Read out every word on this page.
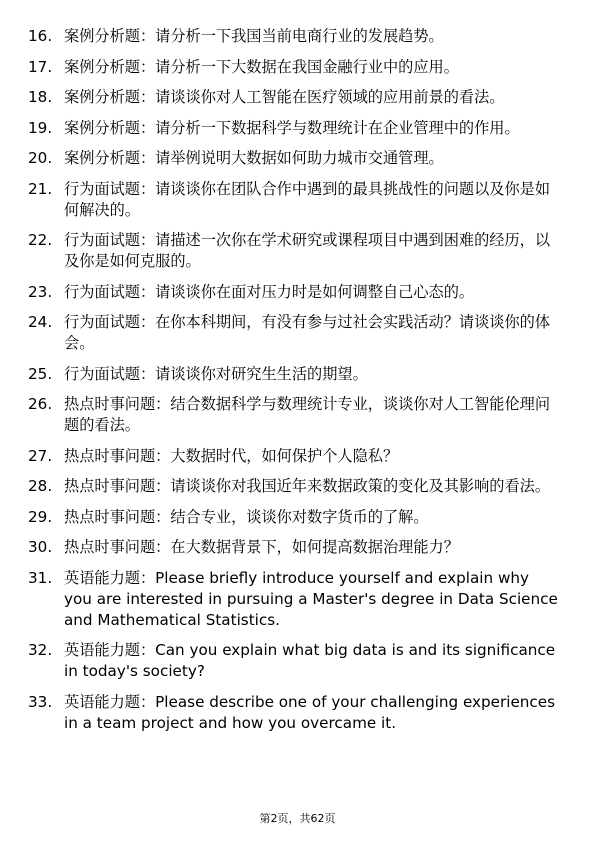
16. 案例分析题：请分析一下我国当前电商行业的发展趋势。
17. 案例分析题：请分析一下大数据在我国金融行业中的应用。
18. 案例分析题：请谈谈你对人工智能在医疗领域的应用前景的看法。
19. 案例分析题：请分析一下数据科学与数理统计在企业管理中的作用。
20. 案例分析题：请举例说明大数据如何助力城市交通管理。
21. 行为面试题：请谈谈你在团队合作中遇到的最具挑战性的问题以及你是如何解决的。
22. 行为面试题：请描述一次你在学术研究或课程项目中遇到困难的经历，以及你是如何克服的。
23. 行为面试题：请谈谈你在面对压力时是如何调整自己心态的。
24. 行为面试题：在你本科期间，有没有参与过社会实践活动？请谈谈你的体会。
25. 行为面试题：请谈谈你对研究生生活的期望。
26. 热点时事问题：结合数据科学与数理统计专业，谈谈你对人工智能伦理问题的看法。
27. 热点时事问题：大数据时代，如何保护个人隐私？
28. 热点时事问题：请谈谈你对我国近年来数据政策的变化及其影响的看法。
29. 热点时事问题：结合专业，谈谈你对数字货币的了解。
30. 热点时事问题：在大数据背景下，如何提高数据治理能力？
31. 英语能力题：Please briefly introduce yourself and explain why you are interested in pursuing a Master's degree in Data Science and Mathematical Statistics.
32. 英语能力题：Can you explain what big data is and its significance in today's society?
33. 英语能力题：Please describe one of your challenging experiences in a team project and how you overcame it.
第2页，共62页
